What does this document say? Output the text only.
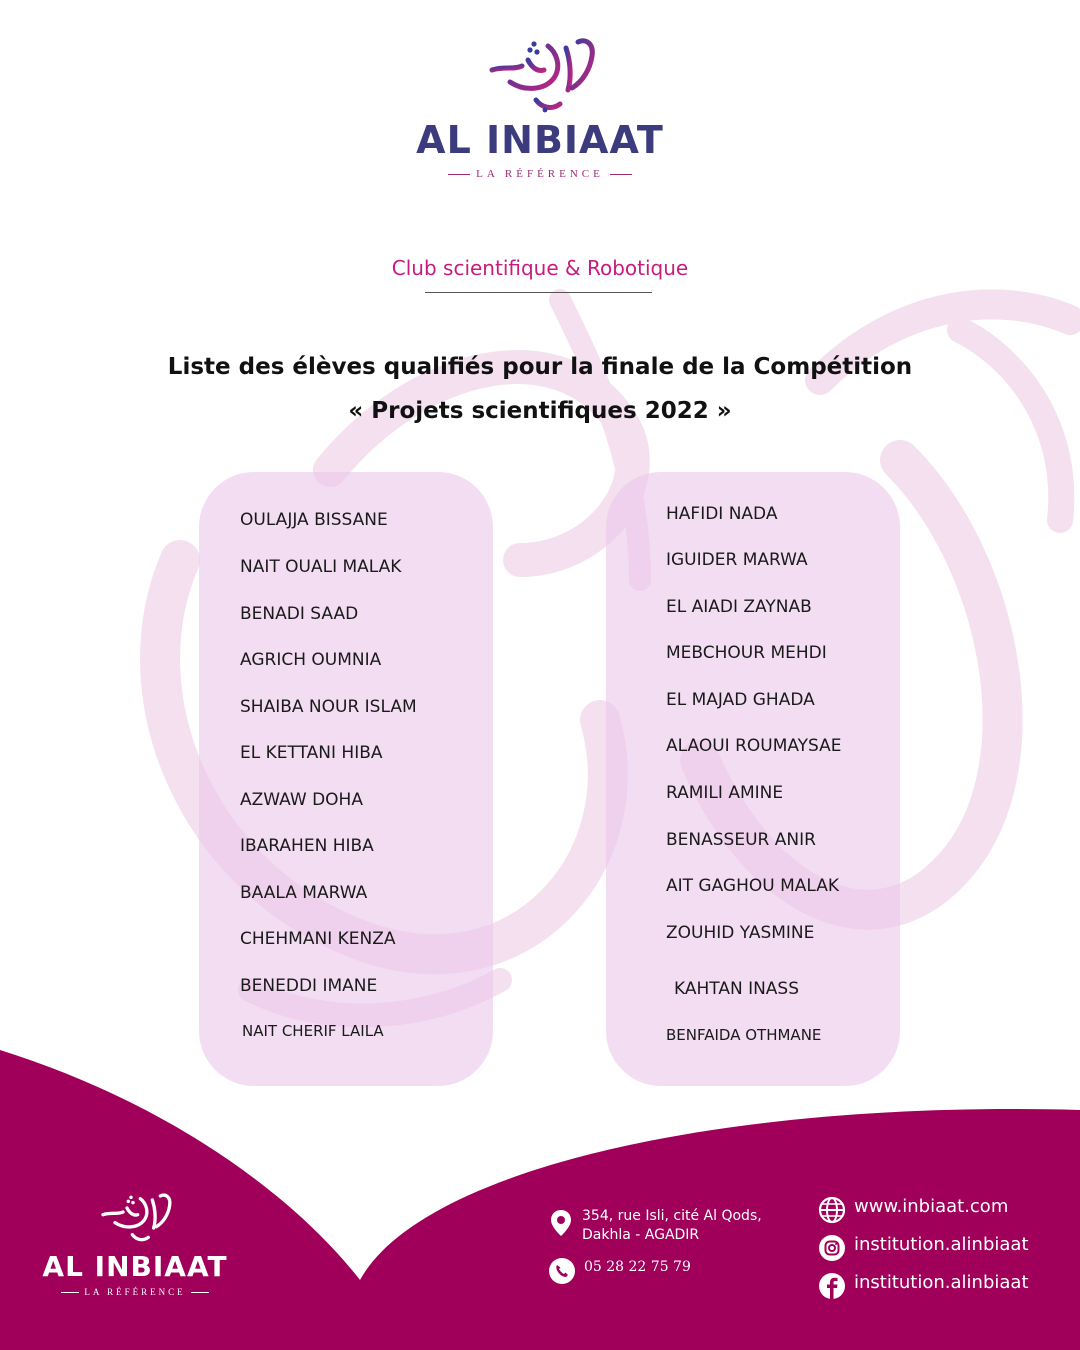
AL INBIAAT
LA RÉFÉRENCE
Club scientifique & Robotique
Liste des élèves qualifiés pour la finale de la Compétition
« Projets scientifiques 2022 »
OULAJJA BISSANE
NAIT OUALI MALAK
BENADI SAAD
AGRICH OUMNIA
SHAIBA NOUR ISLAM
EL KETTANI HIBA
AZWAW DOHA
IBARAHEN HIBA
BAALA MARWA
CHEHMANI KENZA
BENEDDI IMANE
NAIT CHERIF LAILA
HAFIDI NADA
IGUIDER MARWA
EL AIADI ZAYNAB
MEBCHOUR MEHDI
EL MAJAD GHADA
ALAOUI ROUMAYSAE
RAMILI AMINE
BENASSEUR ANIR
AIT GAGHOU MALAK
ZOUHID YASMINE
KAHTAN INASS
BENFAIDA OTHMANE
AL INBIAAT
LA RÉFÉRENCE
354, rue Isli, cité Al Qods,
Dakhla - AGADIR
05 28 22 75 79
www.inbiaat.com
institution.alinbiaat
institution.alinbiaat
